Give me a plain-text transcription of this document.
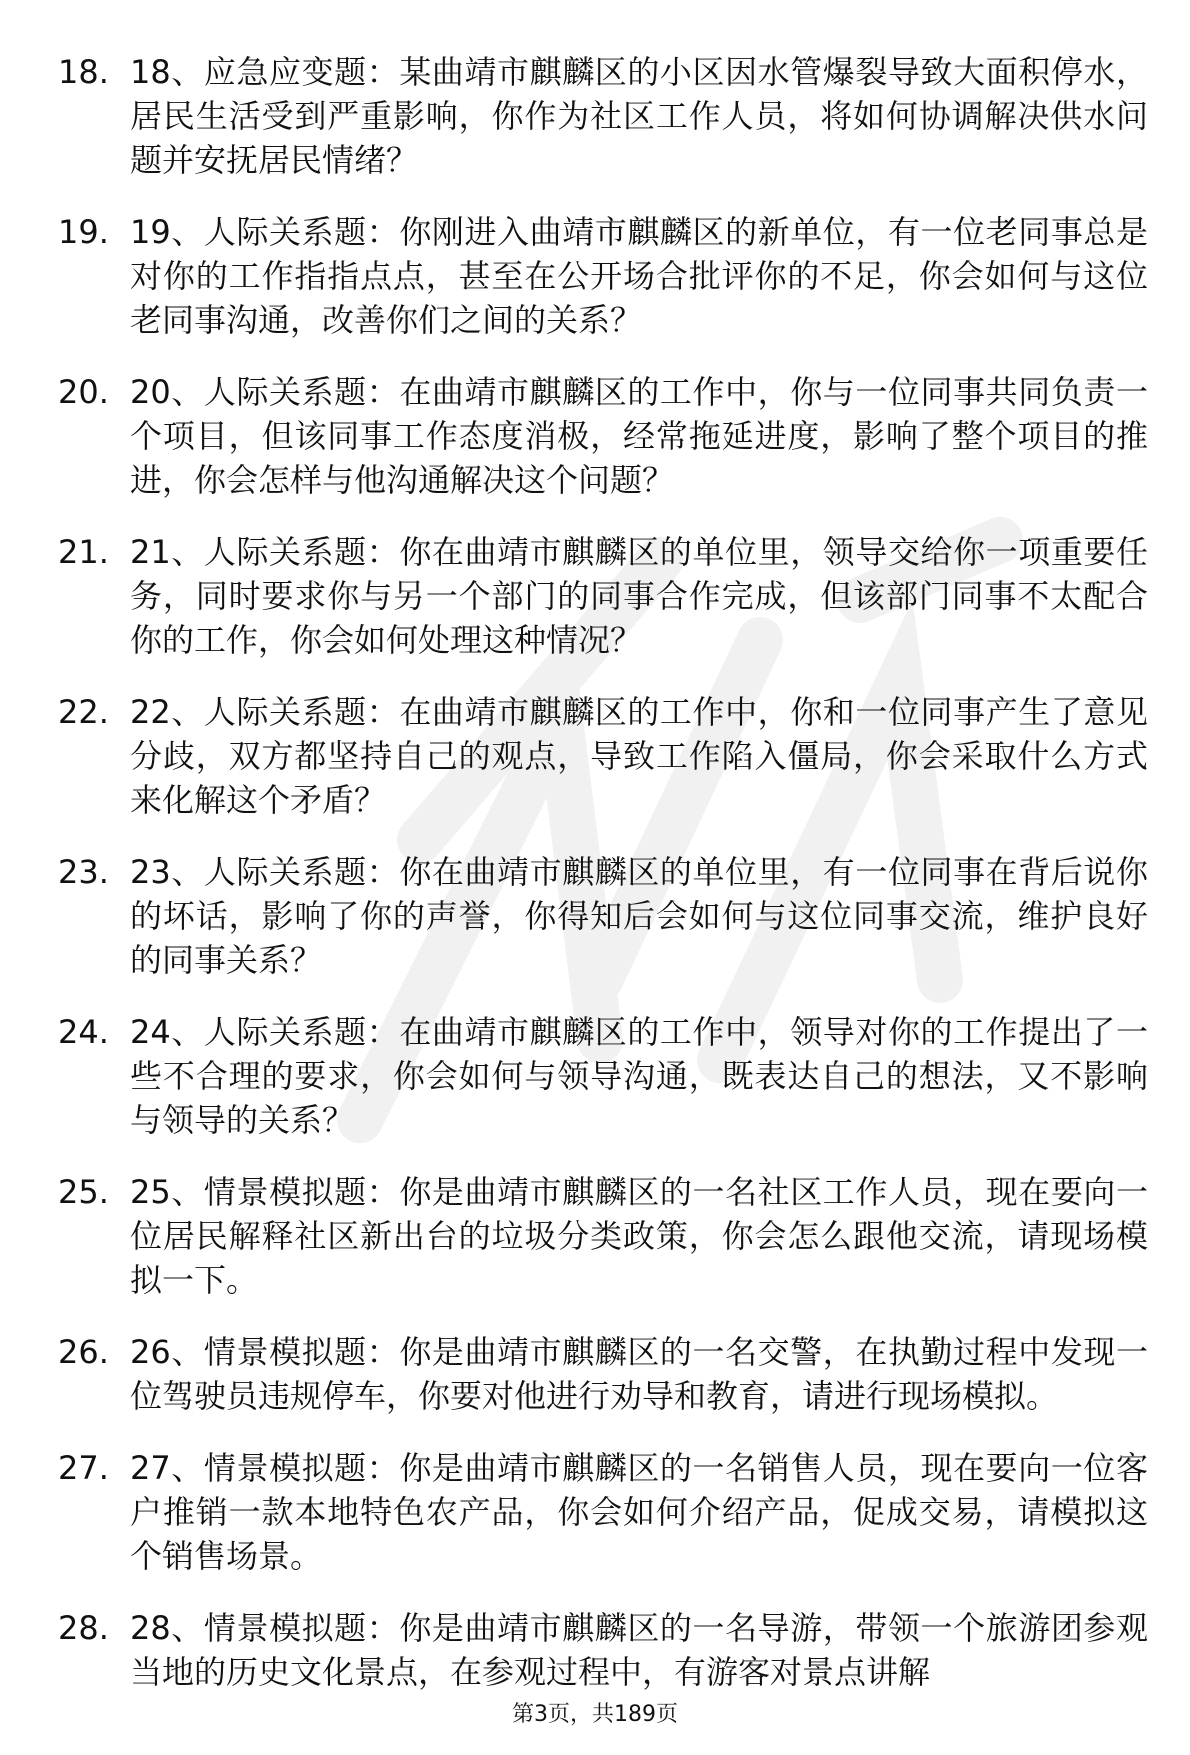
18. 18、应急应变题：某曲靖市麒麟区的小区因水管爆裂导致大面积停水，居民生活受到严重影响，你作为社区工作人员，将如何协调解决供水问题并安抚居民情绪？
19. 19、人际关系题：你刚进入曲靖市麒麟区的新单位，有一位老同事总是对你的工作指指点点，甚至在公开场合批评你的不足，你会如何与这位老同事沟通，改善你们之间的关系？
20. 20、人际关系题：在曲靖市麒麟区的工作中，你与一位同事共同负责一个项目，但该同事工作态度消极，经常拖延进度，影响了整个项目的推进，你会怎样与他沟通解决这个问题？
21. 21、人际关系题：你在曲靖市麒麟区的单位里，领导交给你一项重要任务，同时要求你与另一个部门的同事合作完成，但该部门同事不太配合你的工作，你会如何处理这种情况？
22. 22、人际关系题：在曲靖市麒麟区的工作中，你和一位同事产生了意见分歧，双方都坚持自己的观点，导致工作陷入僵局，你会采取什么方式来化解这个矛盾？
23. 23、人际关系题：你在曲靖市麒麟区的单位里，有一位同事在背后说你的坏话，影响了你的声誉，你得知后会如何与这位同事交流，维护良好的同事关系？
24. 24、人际关系题：在曲靖市麒麟区的工作中，领导对你的工作提出了一些不合理的要求，你会如何与领导沟通，既表达自己的想法，又不影响与领导的关系？
25. 25、情景模拟题：你是曲靖市麒麟区的一名社区工作人员，现在要向一位居民解释社区新出台的垃圾分类政策，你会怎么跟他交流，请现场模拟一下。
26. 26、情景模拟题：你是曲靖市麒麟区的一名交警，在执勤过程中发现一位驾驶员违规停车，你要对他进行劝导和教育，请进行现场模拟。
27. 27、情景模拟题：你是曲靖市麒麟区的一名销售人员，现在要向一位客户推销一款本地特色农产品，你会如何介绍产品，促成交易，请模拟这个销售场景。
28. 28、情景模拟题：你是曲靖市麒麟区的一名导游，带领一个旅游团参观当地的历史文化景点，在参观过程中，有游客对景点讲解
第3页，共189页
